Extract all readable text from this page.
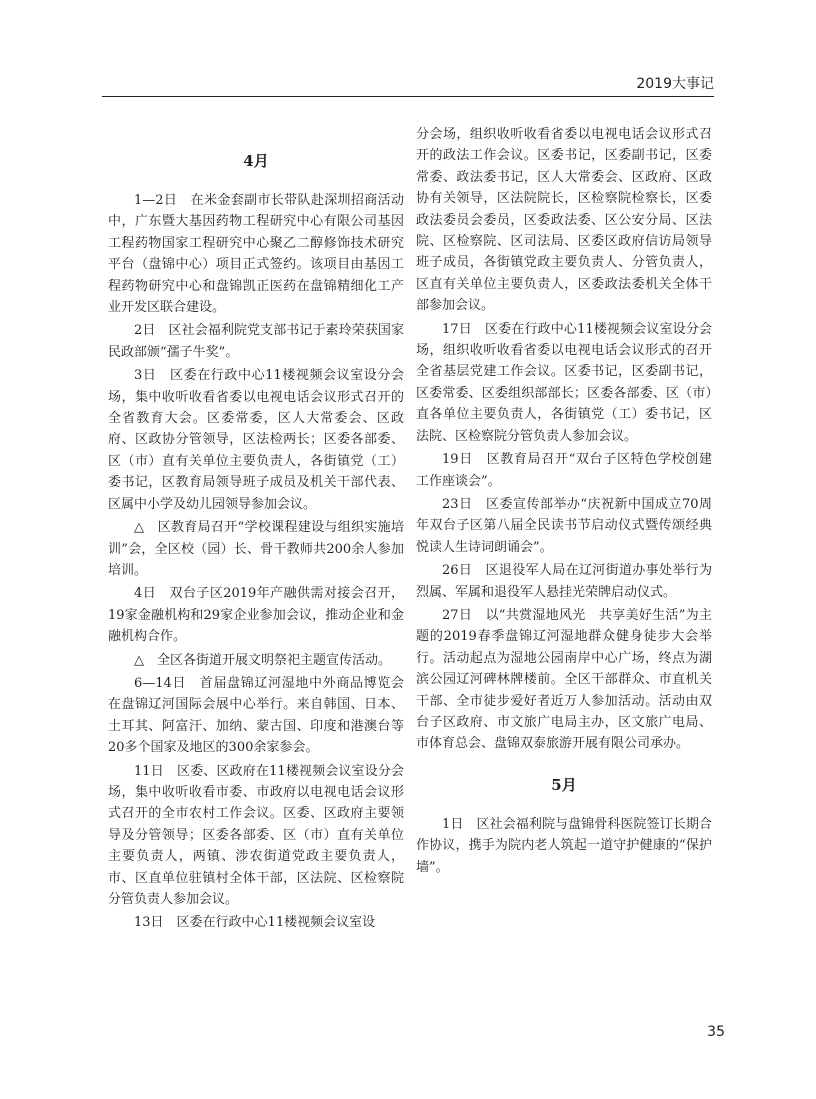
2019大事记
4月

1—2日　在米金套副市长带队赴深圳招商活动中，广东暨大基因药物工程研究中心有限公司基因工程药物国家工程研究中心聚乙二醇修饰技术研究平台（盘锦中心）项目正式签约。该项目由基因工程药物研究中心和盘锦凯正医药在盘锦精细化工产业开发区联合建设。

2日　区社会福利院党支部书记于素玲荣获国家民政部颁“孺子牛奖”。

3日　区委在行政中心11楼视频会议室设分会场，集中收听收看省委以电视电话会议形式召开的全省教育大会。区委常委，区人大常委会、区政府、区政协分管领导，区法检两长；区委各部委、区（市）直有关单位主要负责人，各街镇党（工）委书记，区教育局领导班子成员及机关干部代表、区属中小学及幼儿园领导参加会议。

△　区教育局召开“学校课程建设与组织实施培训”会，全区校（园）长、骨干教师共200余人参加培训。

4日　双台子区2019年产融供需对接会召开，19家金融机构和29家企业参加会议，推动企业和金融机构合作。

△　全区各街道开展文明祭祀主题宣传活动。

6—14日　首届盘锦辽河湿地中外商品博览会在盘锦辽河国际会展中心举行。来自韩国、日本、土耳其、阿富汗、加纳、蒙古国、印度和港澳台等20多个国家及地区的300余家参会。

11日　区委、区政府在11楼视频会议室设分会场，集中收听收看市委、市政府以电视电话会议形式召开的全市农村工作会议。区委、区政府主要领导及分管领导；区委各部委、区（市）直有关单位主要负责人，两镇、涉农街道党政主要负责人，市、区直单位驻镇村全体干部，区法院、区检察院分管负责人参加会议。

13日　区委在行政中心11楼视频会议室设

分会场，组织收听收看省委以电视电话会议形式召开的政法工作会议。区委书记，区委副书记，区委常委、政法委书记，区人大常委会、区政府、区政协有关领导，区法院院长，区检察院检察长，区委政法委员会委员，区委政法委、区公安分局、区法院、区检察院、区司法局、区委区政府信访局领导班子成员，各街镇党政主要负责人、分管负责人，区直有关单位主要负责人，区委政法委机关全体干部参加会议。

17日　区委在行政中心11楼视频会议室设分会场，组织收听收看省委以电视电话会议形式的召开全省基层党建工作会议。区委书记，区委副书记，区委常委、区委组织部部长；区委各部委、区（市）直各单位主要负责人，各街镇党（工）委书记，区法院、区检察院分管负责人参加会议。

19日　区教育局召开“双台子区特色学校创建工作座谈会”。

23日　区委宣传部举办“庆祝新中国成立70周年双台子区第八届全民读书节启动仪式暨传颂经典悦读人生诗词朗诵会”。

26日　区退役军人局在辽河街道办事处举行为烈属、军属和退役军人悬挂光荣牌启动仪式。

27日　以“共赏湿地风光　共享美好生活”为主题的2019春季盘锦辽河湿地群众健身徒步大会举行。活动起点为湿地公园南岸中心广场，终点为湖滨公园辽河碑林牌楼前。全区干部群众、市直机关干部、全市徒步爱好者近万人参加活动。活动由双台子区政府、市文旅广电局主办，区文旅广电局、市体育总会、盘锦双泰旅游开展有限公司承办。

5月

1日　区社会福利院与盘锦骨科医院签订长期合作协议，携手为院内老人筑起一道守护健康的“保护墙”。

35
